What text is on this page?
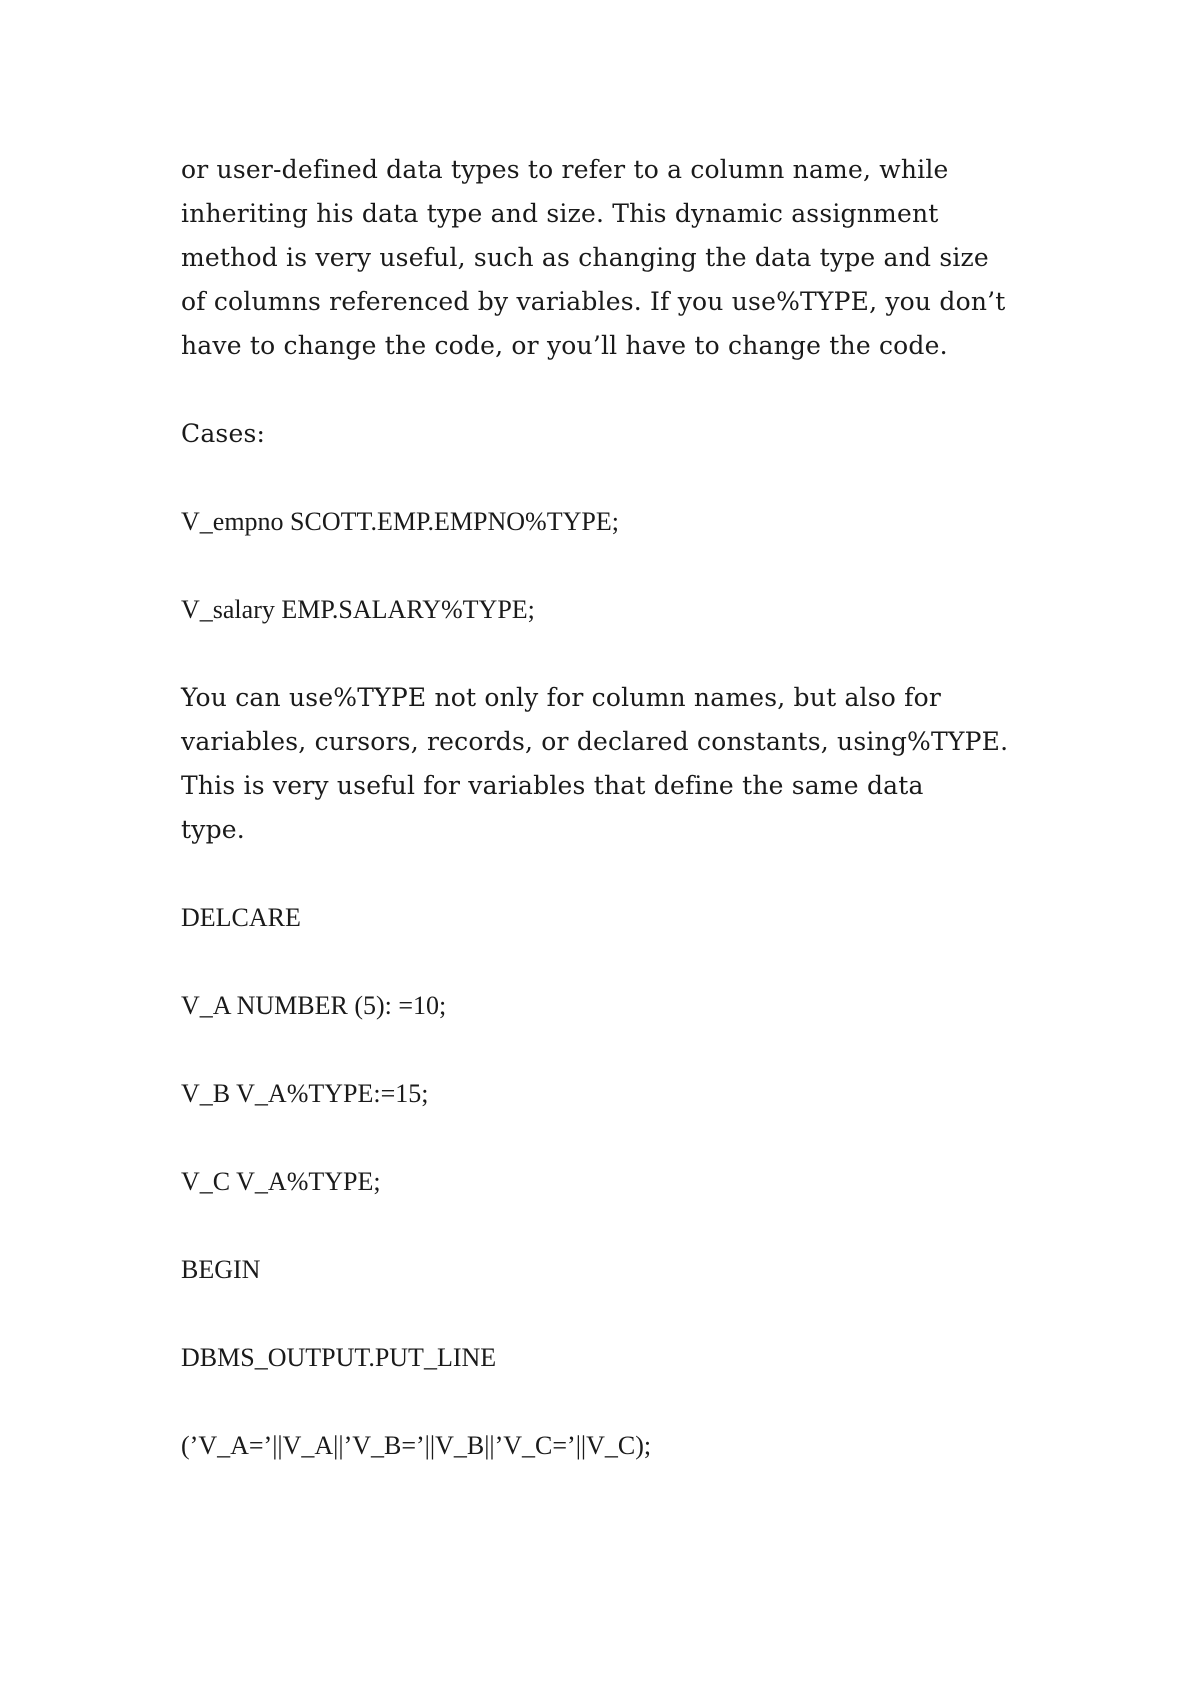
or user-defined data types to refer to a column name, while
inheriting his data type and size. This dynamic assignment
method is very useful, such as changing the data type and size
of columns referenced by variables. If you use%TYPE, you don’t
have to change the code, or you’ll have to change the code.

Cases:

V_empno SCOTT.EMP.EMPNO%TYPE;

V_salary EMP.SALARY%TYPE;

You can use%TYPE not only for column names, but also for
variables, cursors, records, or declared constants, using%TYPE.
This is very useful for variables that define the same data
type.

DELCARE

V_A NUMBER (5): =10;

V_B V_A%TYPE:=15;

V_C V_A%TYPE;

BEGIN

DBMS_OUTPUT.PUT_LINE

(’V_A=’||V_A||’V_B=’||V_B||’V_C=’||V_C);
